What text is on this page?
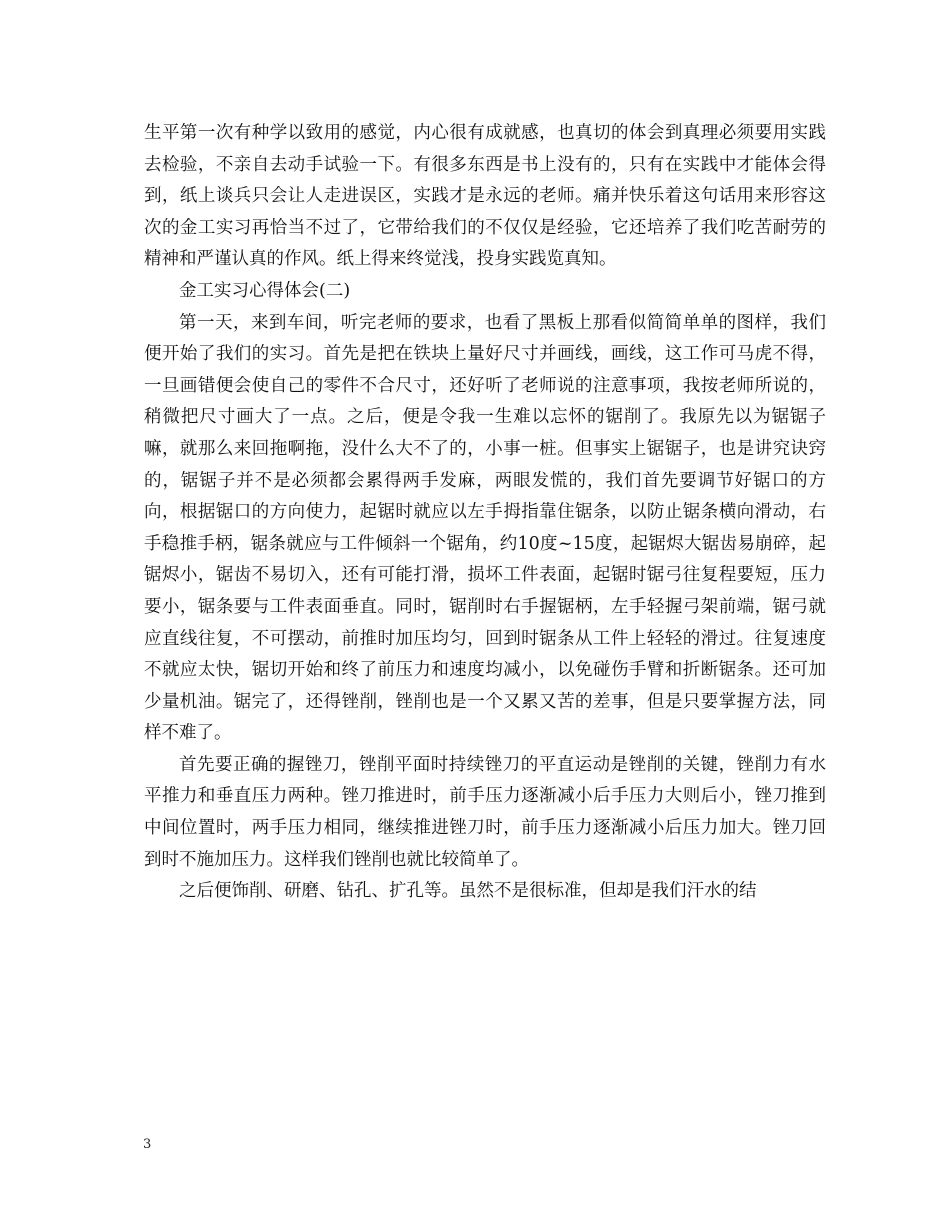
生平第一次有种学以致用的感觉，内心很有成就感，也真切的体会到真理必须要用实践去检验，不亲自去动手试验一下。有很多东西是书上没有的，只有在实践中才能体会得到，纸上谈兵只会让人走进误区，实践才是永远的老师。痛并快乐着这句话用来形容这次的金工实习再恰当不过了，它带给我们的不仅仅是经验，它还培养了我们吃苦耐劳的精神和严谨认真的作风。纸上得来终觉浅，投身实践览真知。

金工实习心得体会(二)

第一天，来到车间，听完老师的要求，也看了黑板上那看似简简单单的图样，我们便开始了我们的实习。首先是把在铁块上量好尺寸并画线，画线，这工作可马虎不得，一旦画错便会使自己的零件不合尺寸，还好听了老师说的注意事项，我按老师所说的，稍微把尺寸画大了一点。之后，便是令我一生难以忘怀的锯削了。我原先以为锯锯子嘛，就那么来回拖啊拖，没什么大不了的，小事一桩。但事实上锯锯子，也是讲究诀窍的，锯锯子并不是必须都会累得两手发麻，两眼发慌的，我们首先要调节好锯口的方向，根据锯口的方向使力，起锯时就应以左手拇指靠住锯条，以防止锯条横向滑动，右手稳推手柄，锯条就应与工件倾斜一个锯角，约10度~15度，起锯烬大锯齿易崩碎，起锯烬小，锯齿不易切入，还有可能打滑，损坏工件表面，起锯时锯弓往复程要短，压力要小，锯条要与工件表面垂直。同时，锯削时右手握锯柄，左手轻握弓架前端，锯弓就应直线往复，不可摆动，前推时加压均匀，回到时锯条从工件上轻轻的滑过。往复速度不就应太快，锯切开始和终了前压力和速度均减小，以免碰伤手臂和折断锯条。还可加少量机油。锯完了，还得锉削，锉削也是一个又累又苦的差事，但是只要掌握方法，同样不难了。

首先要正确的握锉刀，锉削平面时持续锉刀的平直运动是锉削的关键，锉削力有水平推力和垂直压力两种。锉刀推进时，前手压力逐渐减小后手压力大则后小，锉刀推到中间位置时，两手压力相同，继续推进锉刀时，前手压力逐渐减小后压力加大。锉刀回到时不施加压力。这样我们锉削也就比较简单了。

之后便饰削、研磨、钻孔、扩孔等。虽然不是很标准，但却是我们汗水的结

3
